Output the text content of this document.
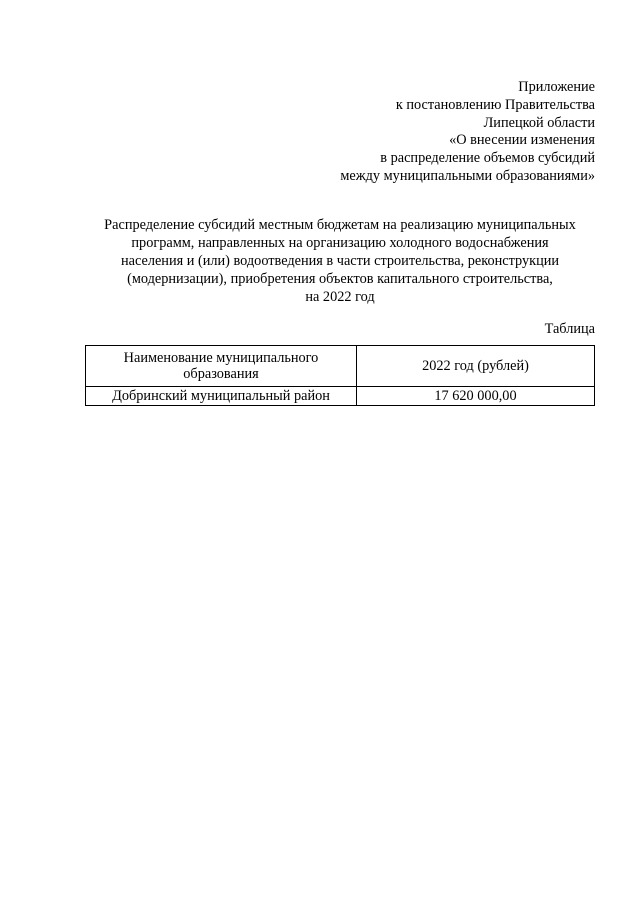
Приложение
к постановлению Правительства
Липецкой области
«О внесении изменения
в распределение объемов субсидий
между муниципальными образованиями»
Распределение субсидий местным бюджетам на реализацию муниципальных
программ, направленных на организацию холодного водоснабжения
населения и (или) водоотведения в части строительства, реконструкции
(модернизации), приобретения объектов капитального строительства,
на 2022 год
Таблица
Наименование муниципального образования	2022 год (рублей)
Добринский муниципальный район	17 620 000,00
